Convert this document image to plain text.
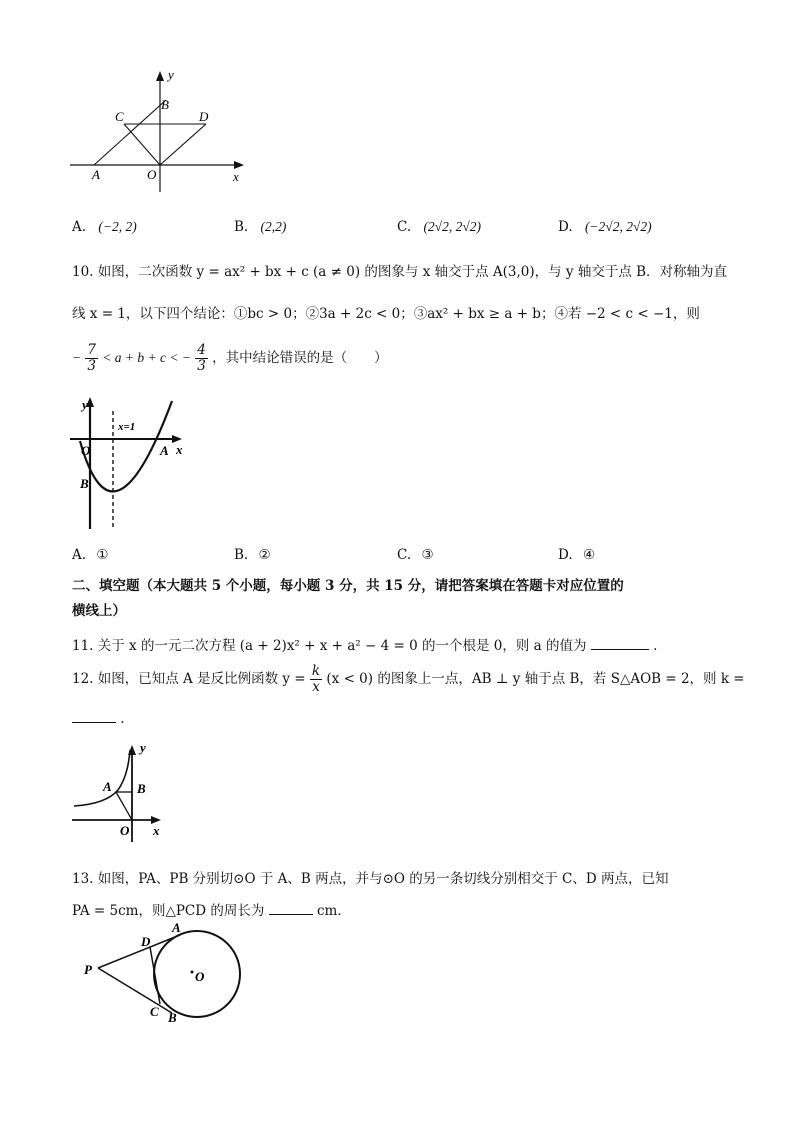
y
B
C	D
A	O	x
A. (−2, 2)	B. (2,2)	C. (2√2, 2√2)	D. (−2√2, 2√2)
10. 如图，二次函数 y = ax² + bx + c (a ≠ 0) 的图象与 x 轴交于点 A(3,0)，与 y 轴交于点 B．对称轴为直
线 x = 1，以下四个结论：①bc > 0；②3a + 2c < 0；③ax² + bx ≥ a + b；④若 −2 < c < −1，则
− $\frac{7}{3} < a + b + c$ < − $\frac{4}{3}$ ，其中结论错误的是（　　）
y
x=1
x
O	A
B
A. ①	B. ②	C. ③	D. ④
二、填空题（本大题共 5 个小题，每小题 3 分，共 15 分，请把答案填在答题卡对应位置的
横线上）
11. 关于 x 的一元二次方程 (a + 2)x² + x + a² − 4 = 0 的一个根是 0，则 a 的值为	.
12. 如图，已知点 A 是反比例函数 $y = \frac{k}{x} (x < 0)$ 的图象上一点，AB ⊥ y 轴于点 B，若 S△AOB = 2，则 k =
.
y
A B
O x
13. 如图，PA、PB 分别切⊙O 于 A、B 两点，并与⊙O 的另一条切线分别相交于 C、D 两点，已知
PA = 5cm，则△PCD 的周长为	cm．
P
A
D
O
C B
